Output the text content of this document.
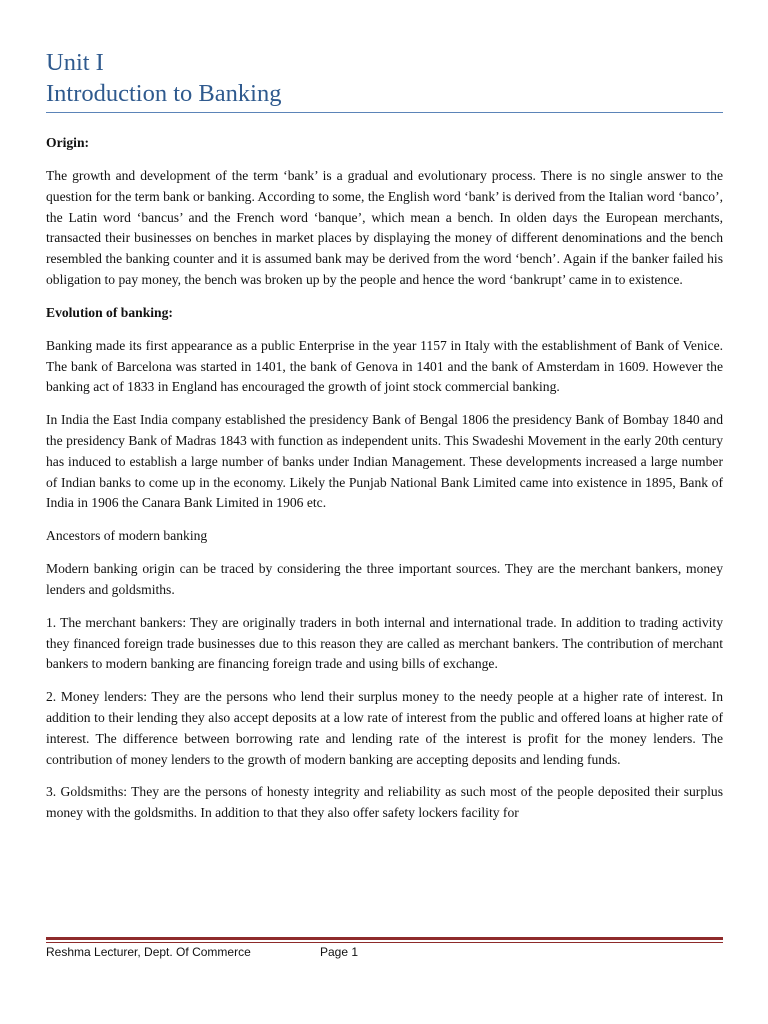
Unit I

Introduction to Banking

Origin:

The growth and development of the term ‘bank’ is a gradual and evolutionary process. There is no single answer to the question for the term bank or banking. According to some, the English word ‘bank’ is derived from the Italian word ‘banco’, the Latin word ‘bancus’ and the French word ‘banque’, which mean a bench. In olden days the European merchants, transacted their businesses on benches in market places by displaying the money of different denominations and the bench resembled the banking counter and it is assumed bank may be derived from the word ‘bench’. Again if the banker failed his obligation to pay money, the bench was broken up by the people and hence the word ‘bankrupt’ came in to existence.

Evolution of banking:

Banking made its first appearance as a public Enterprise in the year 1157 in Italy with the establishment of Bank of Venice. The bank of Barcelona was started in 1401, the bank of Genova in 1401 and the bank of Amsterdam in 1609. However the banking act of 1833 in England has encouraged the growth of joint stock commercial banking.

In India the East India company established the presidency Bank of Bengal 1806 the presidency Bank of Bombay 1840 and the presidency Bank of Madras 1843 with function as independent units. This Swadeshi Movement in the early 20th century has induced to establish a large number of banks under Indian Management. These developments increased a large number of Indian banks to come up in the economy. Likely the Punjab National Bank Limited came into existence in 1895, Bank of India in 1906 the Canara Bank Limited in 1906 etc.

Ancestors of modern banking

Modern banking origin can be traced by considering the three important sources. They are the merchant bankers, money lenders and goldsmiths.

1. The merchant bankers: They are originally traders in both internal and international trade. In addition to trading activity they financed foreign trade businesses due to this reason they are called as merchant bankers. The contribution of merchant bankers to modern banking are financing foreign trade and using bills of exchange.

2. Money lenders: They are the persons who lend their surplus money to the needy people at a higher rate of interest. In addition to their lending they also accept deposits at a low rate of interest from the public and offered loans at higher rate of interest. The difference between borrowing rate and lending rate of the interest is profit for the money lenders. The contribution of money lenders to the growth of modern banking are accepting deposits and lending funds.

3. Goldsmiths: They are the persons of honesty integrity and reliability as such most of the people deposited their surplus money with the goldsmiths. In addition to that they also offer safety lockers facility for

Reshma Lecturer, Dept. Of Commerce	Page 1
